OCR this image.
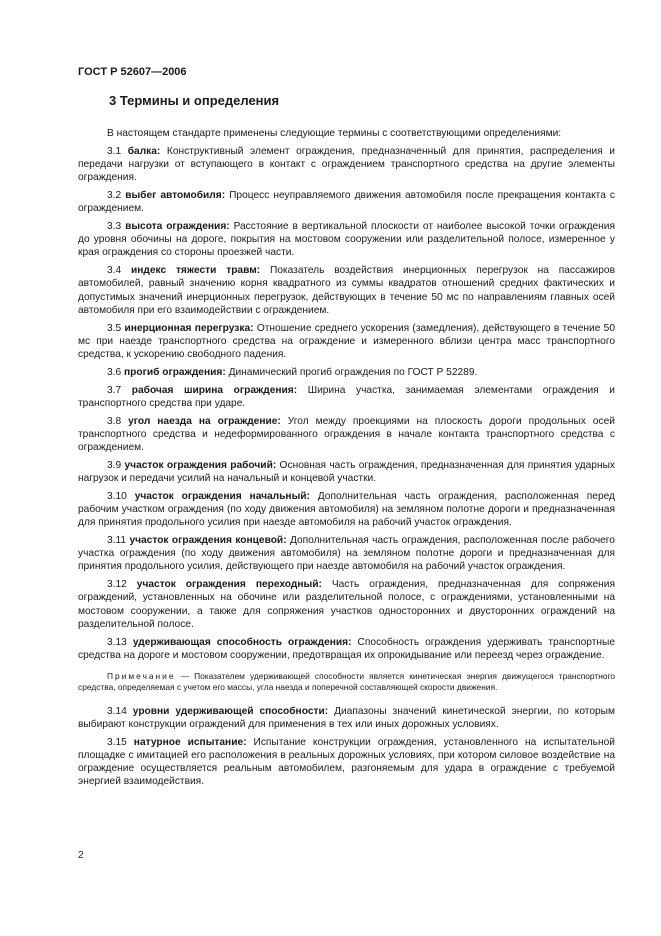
ГОСТ Р 52607—2006
3 Термины и определения

В настоящем стандарте применены следующие термины с соответствующими определениями:

3.1 балка: Конструктивный элемент ограждения, предназначенный для принятия, распределения и передачи нагрузки от вступающего в контакт с ограждением транспортного средства на другие элементы ограждения.

3.2 выбег автомобиля: Процесс неуправляемого движения автомобиля после прекращения контакта с ограждением.

3.3 высота ограждения: Расстояние в вертикальной плоскости от наиболее высокой точки ограждения до уровня обочины на дороге, покрытия на мостовом сооружении или разделительной полосе, измеренное у края ограждения со стороны проезжей части.

3.4 индекс тяжести травм: Показатель воздействия инерционных перегрузок на пассажиров автомобилей, равный значению корня квадратного из суммы квадратов отношений средних фактических и допустимых значений инерционных перегрузок, действующих в течение 50 мс по направлениям главных осей автомобиля при его взаимодействии с ограждением.

3.5 инерционная перегрузка: Отношение среднего ускорения (замедления), действующего в течение 50 мс при наезде транспортного средства на ограждение и измеренного вблизи центра масс транспортного средства, к ускорению свободного падения.

3.6 прогиб ограждения: Динамический прогиб ограждения по ГОСТ Р 52289.

3.7 рабочая ширина ограждения: Ширина участка, занимаемая элементами ограждения и транспортного средства при ударе.

3.8 угол наезда на ограждение: Угол между проекциями на плоскость дороги продольных осей транспортного средства и недеформированного ограждения в начале контакта транспортного средства с ограждением.

3.9 участок ограждения рабочий: Основная часть ограждения, предназначенная для принятия ударных нагрузок и передачи усилий на начальный и концевой участки.

3.10 участок ограждения начальный: Дополнительная часть ограждения, расположенная перед рабочим участком ограждения (по ходу движения автомобиля) на земляном полотне дороги и предназначенная для принятия продольного усилия при наезде автомобиля на рабочий участок ограждения.

3.11 участок ограждения концевой: Дополнительная часть ограждения, расположенная после рабочего участка ограждения (по ходу движения автомобиля) на земляном полотне дороги и предназначенная для принятия продольного усилия, действующего при наезде автомобиля на рабочий участок ограждения.

3.12 участок ограждения переходный: Часть ограждения, предназначенная для сопряжения ограждений, установленных на обочине или разделительной полосе, с ограждениями, установленными на мостовом сооружении, а также для сопряжения участков односторонних и двусторонних ограждений на разделительной полосе.

3.13 удерживающая способность ограждения: Способность ограждения удерживать транспортные средства на дороге и мостовом сооружении, предотвращая их опрокидывание или переезд через ограждение.

Примечание — Показателем удерживающей способности является кинетическая энергия движущегося транспортного средства, определяемая с учетом его массы, угла наезда и поперечной составляющей скорости движения.

3.14 уровни удерживающей способности: Диапазоны значений кинетической энергии, по которым выбирают конструкции ограждений для применения в тех или иных дорожных условиях.

3.15 натурное испытание: Испытание конструкции ограждения, установленного на испытательной площадке с имитацией его расположения в реальных дорожных условиях, при котором силовое воздействие на ограждение осуществляется реальным автомобилем, разгоняемым для удара в ограждение с требуемой энергией взаимодействия.

2
